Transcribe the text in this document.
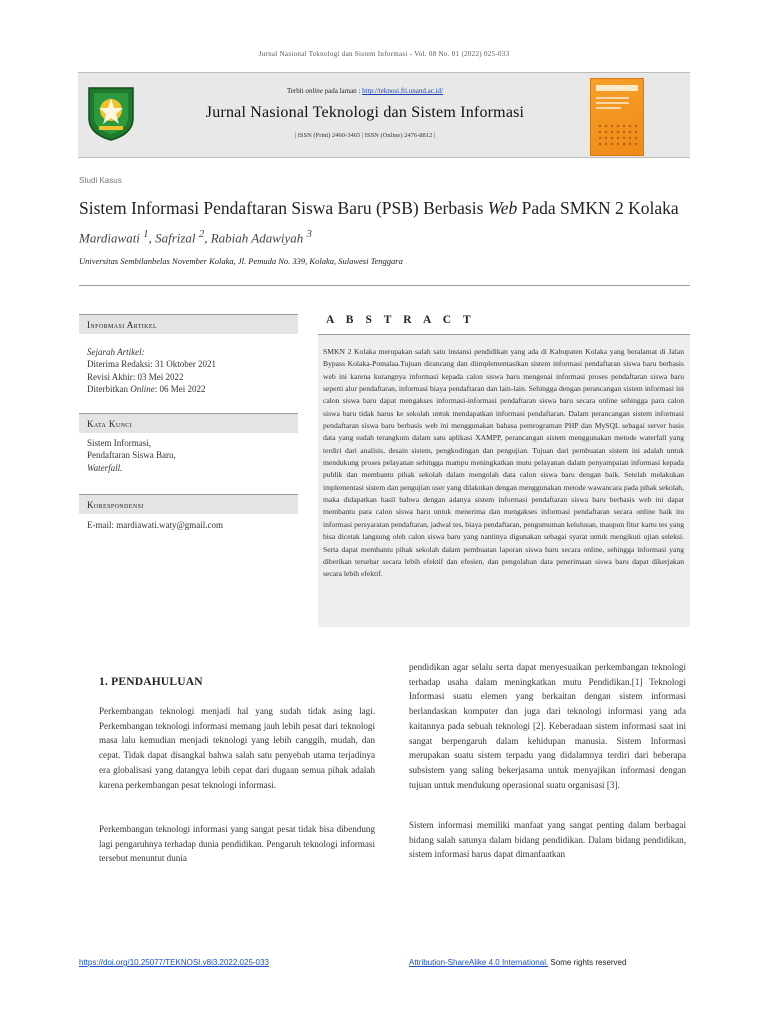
Jurnal Nasional Teknologi dan Sistem Informasi - Vol. 08 No. 01 (2022) 025-033
Terbit online pada laman : http://teknosi.fti.unand.ac.id/
Jurnal Nasional Teknologi dan Sistem Informasi
| ISSN (Print) 2460-3465 | ISSN (Online) 2476-8812 |
Studi Kasus
Sistem Informasi Pendaftaran Siswa Baru (PSB) Berbasis Web Pada SMKN 2 Kolaka
Mardiawati $^1$, Safrizal $^2$, Rabiah Adawiyah $^3$
Universitas Sembilanbelas November Kolaka, Jl. Pemuda No. 339, Kolaka, Sulawesi Tenggara
Informasi Artikel
Sejarah Artikel:
Diterima Redaksi: 31 Oktober 2021
Revisi Akhir: 03 Mei 2022
Diterbitkan Online: 06 Mei 2022
Kata Kunci
Sistem Informasi,
Pendaftaran Siswa Baru,
Waterfall.
Korespondensi
E-mail: mardiawati.waty@gmail.com
A B S T R A C T
SMKN 2 Kolaka merupakan salah satu instansi pendidikan yang ada di Kabupaten Kolaka yang beralamat di Jalan Bypass Kolaka-Pomalaa.Tujuan dirancang dan diimplementasikan sistem informasi pendaftaran siswa baru berbasis web ini karena kurangnya informasi kepada calon siswa baru mengenai informasi proses pendaftaran siswa baru seperti alur pendaftaran, informasi biaya pendaftaran dan lain-lain. Sehingga dengan perancangan sistem informasi ini calon siswa baru dapat mengakses informasi-informasi pendaftaran siswa baru secara online sehingga para calon siswa baru tidak harus ke sekolah untuk mendapatkan informasi pendaftaran. Dalam perancangan sistem informasi pendaftaran siswa baru berbasis web ini menggunakan bahasa pemrograman PHP dan MySQL sebagai server basis data yang sudah terangkum dalam satu aplikasi XAMPP, perancangan sistem menggunakan metode waterfall yang terdiri dari analisis, desain sistem, pengkodingan dan pengujian. Tujuan dari pembuatan sistem ini adalah untuk mendukung proses pelayanan sehingga mampu meningkatkan mutu pelayanan dalam penyampaian informasi kepada publik dan membantu pihak sekolah dalam mengolah data calon siswa baru dengan baik. Setelah melakukan implementasi sistem dan pengujian user yang dilakukan dengan menggunakan metode wawancara pada pihak sekolah, maka didapatkan hasil bahwa dengan adanya sistem informasi pendaftaran siswa baru berbasis web ini dapat membantu para calon siswa baru untuk menerima dan mengakses informasi pendaftaran secara online baik itu informasi persyaratan pendaftaran, jadwal tes, biaya pendaftaran, pengumuman kelulusan, maupun fitur kartu tes yang bisa dicetak langsung oleh calon siswa baru yang nantinya digunakan sebagai syarat untuk mengikuti ujian seleksi. Serta dapat membantu pihak sekolah dalam pembuatan laporan siswa baru secara online, sehingga informasi yang diberikan tersebar secara lebih efektif dan efesien, dan pengolahan data penerimaan siswa baru dapat dikerjakan secara lebih efektif.
1. PENDAHULUAN
Perkembangan teknologi menjadi hal yang sudah tidak asing lagi. Perkembangan teknologi informasi memang jauh lebih pesat dari teknologi masa lalu kemudian menjadi teknologi yang lebih canggih, mudah, dan cepat. Tidak dapat disangkal bahwa salah satu penyebab utama terjadinya era globalisasi yang datangya lebih cepat dari dugaan semua pihak adalah karena perkembangan pesat teknologi informasi.
Perkembangan teknologi informasi yang sangat pesat tidak bisa dibendung lagi pengaruhnya terhadap dunia pendidikan. Pengaruh teknologi informasi tersebut menuntut dunia
pendidikan agar selalu serta dapat menyesuaikan perkembangan teknologi terhadap usaha dalam meningkatkan mutu Pendidikan.[1] Teknologi Informasi suatu elemen yang berkaitan dengan sistem informasi berlandaskan komputer dan juga dari teknologi informasi yang ada kaitannya pada sebuah teknologi [2]. Keberadaan sistem informasi saat ini sangat berpengaruh dalam kehidupan manusia. Sistem Informasi merupakan suatu sistem terpadu yang didalamnya terdiri dari beberapa subsistem yang saling bekerjasama untuk menyajikan informasi dengan tujuan untuk mendukung operasional suatu organisasi [3].
Sistem informasi memiliki manfaat yang sangat penting dalam berbagai bidang salah satunya dalam bidang pendidikan. Dalam bidang pendidikan, sistem informasi harus dapat dimanfaatkan
https://doi.org/10.25077/TEKNOSI.v8i3.2022.025-033	Attribution-ShareAlike 4.0 International. Some rights reserved
